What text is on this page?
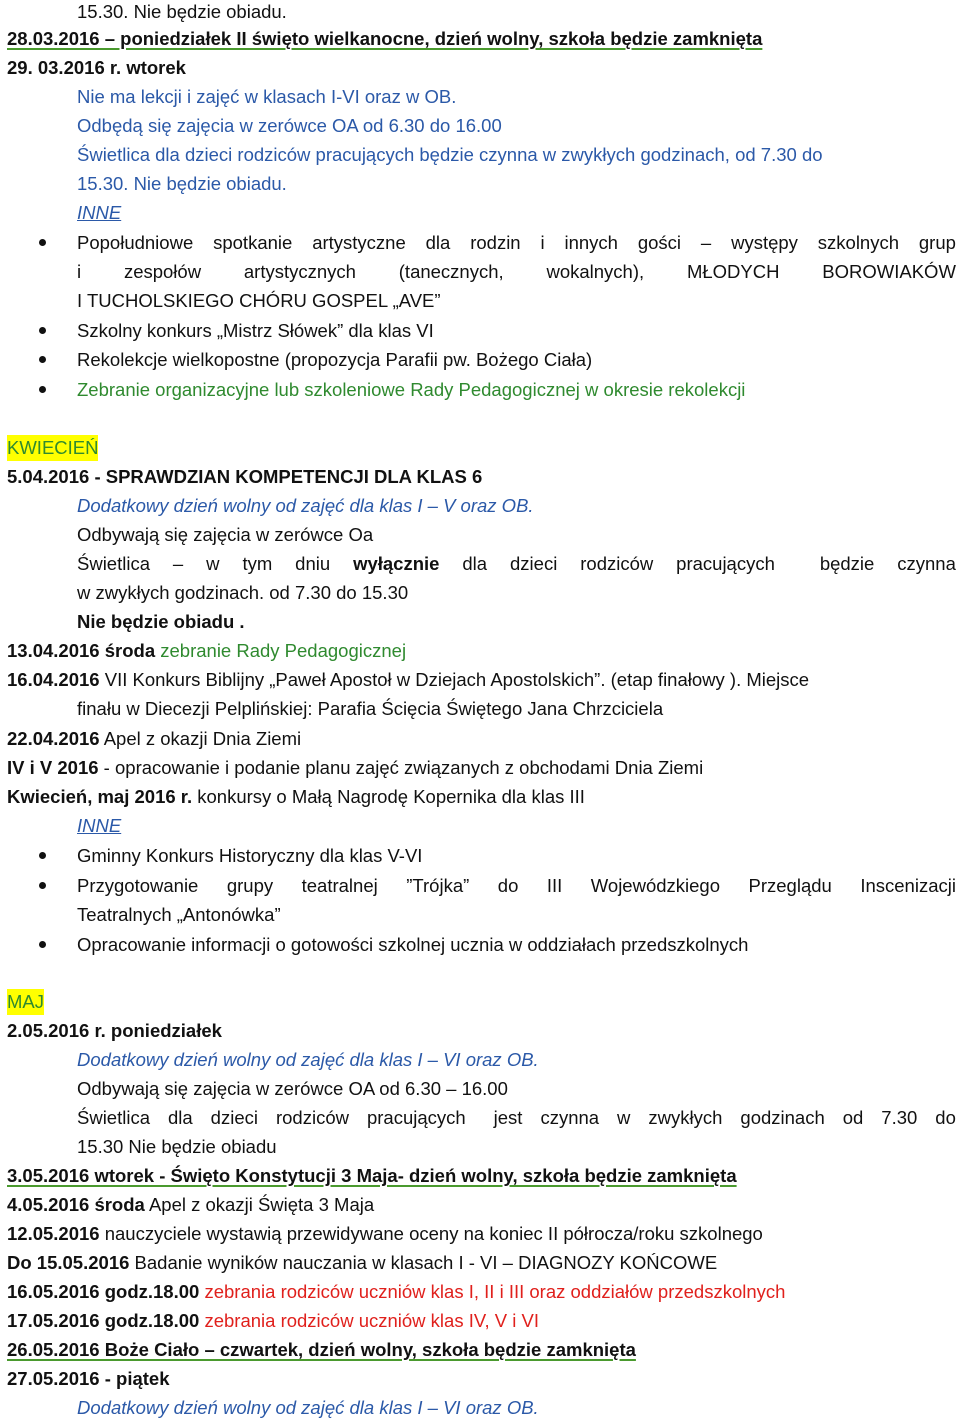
15.30. Nie będzie obiadu.
28.03.2016 – poniedziałek II święto wielkanocne, dzień wolny, szkoła będzie zamknięta
29. 03.2016 r. wtorek
Nie ma lekcji i zajęć w klasach I-VI oraz w OB.
Odbędą się zajęcia w zerówce OA od 6.30 do 16.00
Świetlica dla dzieci rodziców pracujących będzie czynna w zwykłych godzinach, od 7.30 do
15.30. Nie będzie obiadu.
INNE
Popołudniowe spotkanie artystyczne dla rodzin i innych gości – występy szkolnych grup
i zespołów artystycznych (tanecznych, wokalnych), MŁODYCH BOROWIAKÓW
I TUCHOLSKIEGO CHÓRU GOSPEL „AVE”
Szkolny konkurs „Mistrz Słówek” dla klas VI
Rekolekcje wielkopostne (propozycja Parafii pw. Bożego Ciała)
Zebranie organizacyjne lub szkoleniowe Rady Pedagogicznej w okresie rekolekcji
KWIECIEŃ
5.04.2016 - SPRAWDZIAN KOMPETENCJI DLA KLAS 6
Dodatkowy dzień wolny od zajęć dla klas I – V oraz OB.
Odbywają się zajęcia w zerówce Oa
Świetlica – w tym dniu wyłącznie dla dzieci rodziców pracujących będzie czynna
w zwykłych godzinach. od 7.30 do 15.30
Nie będzie obiadu .
13.04.2016 środa zebranie Rady Pedagogicznej
16.04.2016 VII Konkurs Biblijny „Paweł Apostoł w Dziejach Apostolskich”. (etap finałowy ). Miejsce
finału w Diecezji Pelplińskiej: Parafia Ścięcia Świętego Jana Chrzciciela
22.04.2016 Apel z okazji Dnia Ziemi
IV i V 2016 - opracowanie i podanie planu zajęć związanych z obchodami Dnia Ziemi
Kwiecień, maj 2016 r. konkursy o Małą Nagrodę Kopernika dla klas III
INNE
Gminny Konkurs Historyczny dla klas V-VI
Przygotowanie grupy teatralnej ”Trójka” do III Wojewódzkiego Przeglądu Inscenizacji
Teatralnych „Antonówka”
Opracowanie informacji o gotowości szkolnej ucznia w oddziałach przedszkolnych
MAJ
2.05.2016 r. poniedziałek
Dodatkowy dzień wolny od zajęć dla klas I – VI oraz OB.
Odbywają się zajęcia w zerówce OA od 6.30 – 16.00
Świetlica dla dzieci rodziców pracujących jest czynna w zwykłych godzinach od 7.30 do
15.30 Nie będzie obiadu
3.05.2016 wtorek - Święto Konstytucji 3 Maja- dzień wolny, szkoła będzie zamknięta
4.05.2016 środa Apel z okazji Święta 3 Maja
12.05.2016 nauczyciele wystawią przewidywane oceny na koniec II półrocza/roku szkolnego
Do 15.05.2016 Badanie wyników nauczania w klasach I - VI – DIAGNOZY KOŃCOWE
16.05.2016 godz.18.00 zebrania rodziców uczniów klas I, II i III oraz oddziałów przedszkolnych
17.05.2016 godz.18.00 zebrania rodziców uczniów klas IV, V i VI
26.05.2016 Boże Ciało – czwartek, dzień wolny, szkoła będzie zamknięta
27.05.2016 - piątek
Dodatkowy dzień wolny od zajęć dla klas I – VI oraz OB.
